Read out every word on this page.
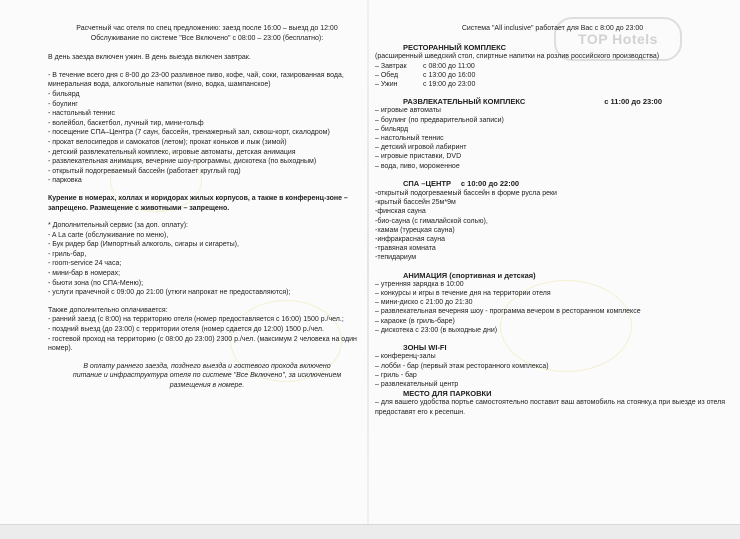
TOP Hotels

Расчетный час отеля по спец предложению: заезд после 16:00 – выезд до 12:00

Обслуживание по системе "Все Включено" с 08:00 – 23:00 (бесплатно):

В день заезда включен ужин. В день выезда включен завтрак.

- В течение всего дня с 8-00 до 23-00 разливное пиво, кофе, чай, соки, газированная вода, минеральная вода, алкогольные напитки (вино, водка, шампанское)
- бильярд
- боулинг
- настольный теннис
- волейбол, баскетбол, лучный тир, мини-гольф
- посещение СПА–Центра (7 саун, бассейн, тренажерный зал, сквош-корт, скалодром)
- прокат велосипедов и самокатов (летом); прокат коньков и лыж (зимой)
- детский развлекательный комплекс, игровые автоматы, детская анимация
- развлекательная анимация, вечерние шоу-программы, дискотека (по выходным)
- открытый подогреваемый бассейн (работает круглый год)
- парковка

Курение в номерах, холлах и коридорах жилых корпусов, а также в конференц-зоне – запрещено. Размещение с животными – запрещено.

* Дополнительный сервис (за доп. оплату):

- A La carte (обслуживание по меню),
- Бук ридер бар (Импортный алкоголь, сигары и сигареты),
- гриль-бар,
- room-service 24 часа;
- мини-бар в номерах;
- бьюти зона (по СПА-Меню);
- услуги прачечной с 09:00 до 21:00 (утюги напрокат не предоставляются);

Также дополнительно оплачивается:

- ранний заезд (с 8:00) на территорию отеля (номер предоставляется с 16:00) 1500 р./чел.;
- поздний выезд (до 23:00) с территории отеля (номер сдается до 12:00) 1500 р./чел.
- гостевой проход на территорию (с 08:00 до 23:00) 2300 р./чел. (максимум 2 человека на один номер).

В оплату раннего заезда, позднего выезда и гостевого прохода включено питание и инфраструктура отеля по системе "Все Включено", за исключением размещения в номере.

Система "All inclusive" работает для Вас с 8:00 до 23:00

РЕСТОРАННЫЙ КОМПЛЕКС

(расширенный шведский стол, спиртные напитки на розлив российского производства)

– Завтрак	с 08:00 до 11:00
– Обед	с 13:00 до 16:00
– Ужин	с 19:00 до 23:00
РАЗВЛЕКАТЕЛЬНЫЙ КОМПЛЕКС	с 11:00 до 23:00
– игровые автоматы
– боулинг (по предварительной записи)
– бильярд
– настольный теннис
– детский игровой лабиринт
– игровые приставки, DVD
– вода, пиво, мороженное
СПА –ЦЕНТР с 10:00 до 22:00
-открытый подогреваемый бассейн в форме русла реки
-крытый бассейн 25м*9м
-финская сауна
-био-сауна (с гималайской солью),
-хамам (турецкая сауна)
-инфракрасная сауна
-травяная комната
-тепидариум

АНИМАЦИЯ (спортивная и детская)

– утренняя зарядка в 10:00
– конкурсы и игры в течение дня на территории отеля
– мини-диско с 21:00 до 21:30
– развлекательная вечерняя шоу - программа вечером в ресторанном комплексе
– караоке (в гриль-баре)
– дискотека с 23:00 (в выходные дни)

ЗОНЫ WI-FI

– конференц-залы
– лобби - бар (первый этаж ресторанного комплекса)
– гриль - бар
– развлекательный центр

МЕСТО ДЛЯ ПАРКОВКИ

– для вашего удобства портье самостоятельно поставит ваш автомобиль на стоянку,а при выезде из отеля предоставят его к ресепшн.
